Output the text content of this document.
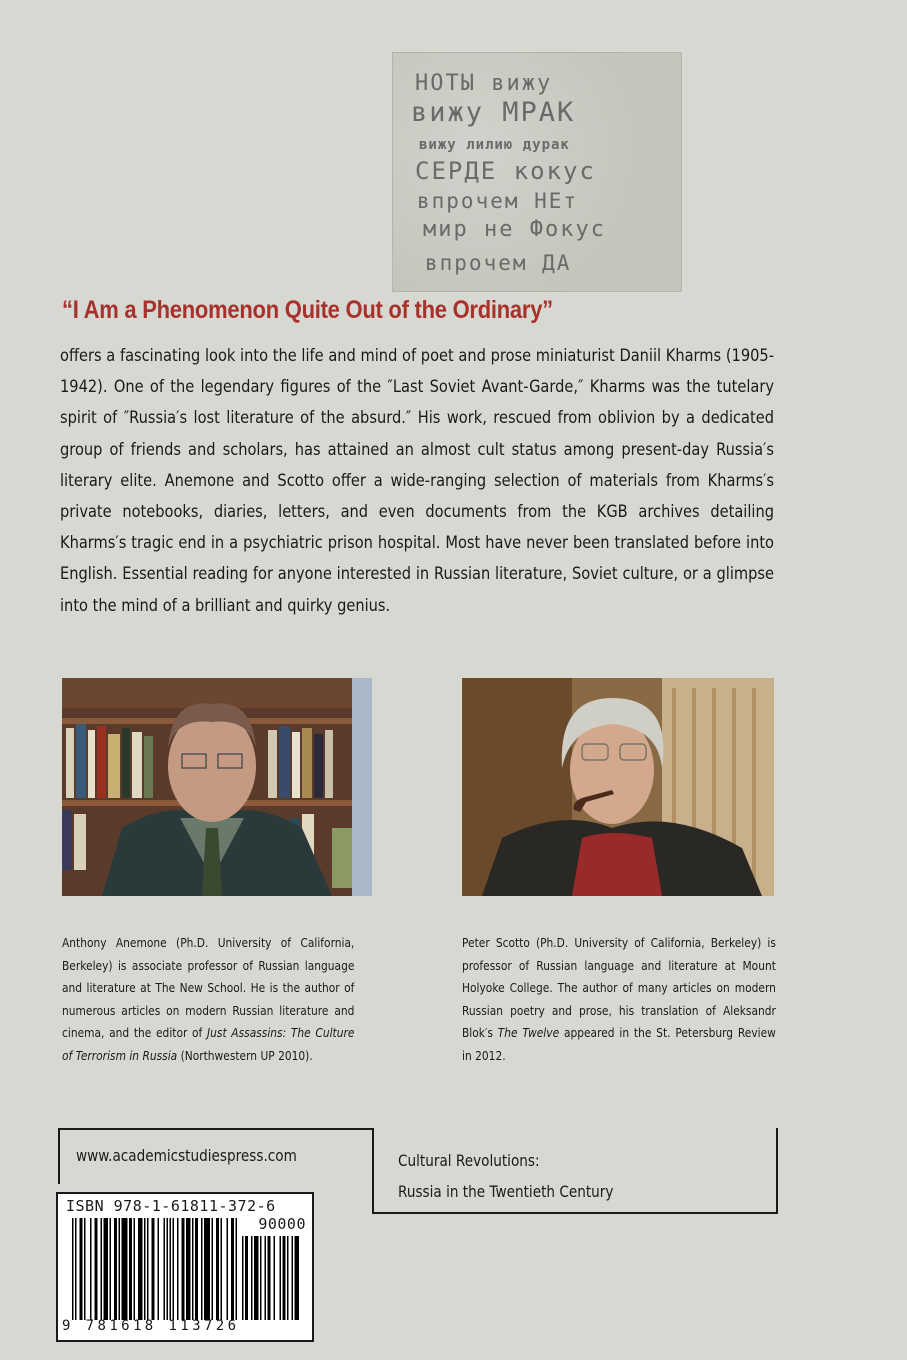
НОТЫ вижу
вижу МРАК
вижу лилию дурак
СЕРДЕ кокус
впрочем НЕт
мир не Фокус
впрочем ДА
“I Am a Phenomenon Quite Out of the Ordinary”
offers a fascinating look into the life and mind of poet and prose miniaturist Daniil Kharms (1905-1942). One of the legendary figures of the ″Last Soviet Avant-Garde,″ Kharms was the tutelary spirit of ″Russia′s lost literature of the absurd.″ His work, rescued from oblivion by a dedicated group of friends and scholars, has attained an almost cult status among present-day Russia′s literary elite. Anemone and Scotto offer a wide-ranging selection of materials from Kharms′s private notebooks, diaries, letters, and even documents from the KGB archives detailing Kharms′s tragic end in a psychiatric prison hospital. Most have never been translated before into English. Essential reading for anyone interested in Russian literature, Soviet culture, or a glimpse into the mind of a brilliant and quirky genius.
Anthony Anemone (Ph.D. University of California, Berkeley) is associate professor of Russian language and literature at The New School. He is the author of numerous articles on modern Russian literature and cinema, and the editor of Just Assassins: The Culture of Terrorism in Russia (Northwestern UP 2010).
Peter Scotto (Ph.D. University of California, Berkeley) is professor of Russian language and literature at Mount Holyoke College. The author of many articles on modern Russian poetry and prose, his translation of Aleksandr Blok′s The Twelve appeared in the St. Petersburg Review in 2012.
www.academicstudiespress.com	Cultural Revolutions:
Russia in the Twentieth Century
ISBN 978-1-61811-372-6
90000
9 781618 113726
